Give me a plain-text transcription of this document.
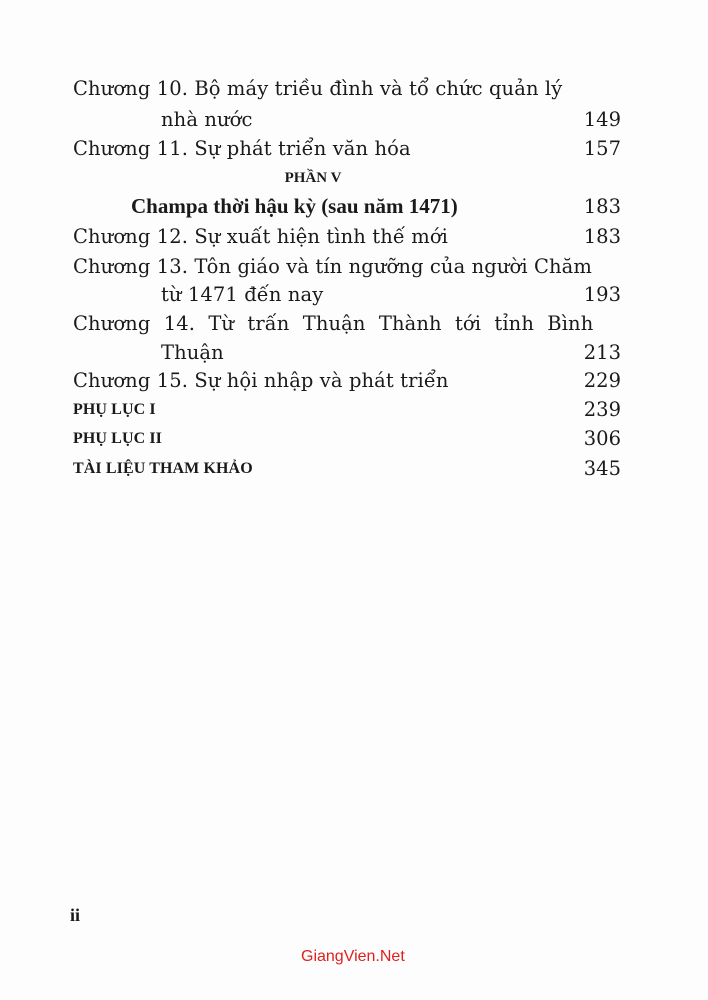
Chương 10. Bộ máy triều đình và tổ chức quản lý
nhà nước	149
Chương 11. Sự phát triển văn hóa	157
PHẦN V
Champa thời hậu kỳ (sau năm 1471)	183
Chương 12. Sự xuất hiện tình thế mới	183
Chương 13. Tôn giáo và tín ngưỡng của người Chăm
từ 1471 đến nay	193
Chương 14. Từ trấn Thuận Thành tới tỉnh Bình
Thuận	213
Chương 15. Sự hội nhập và phát triển	229
PHỤ LỤC I	239
PHỤ LỤC II	306
TÀI LIỆU THAM KHẢO	345
ii
GiangVien.Net
